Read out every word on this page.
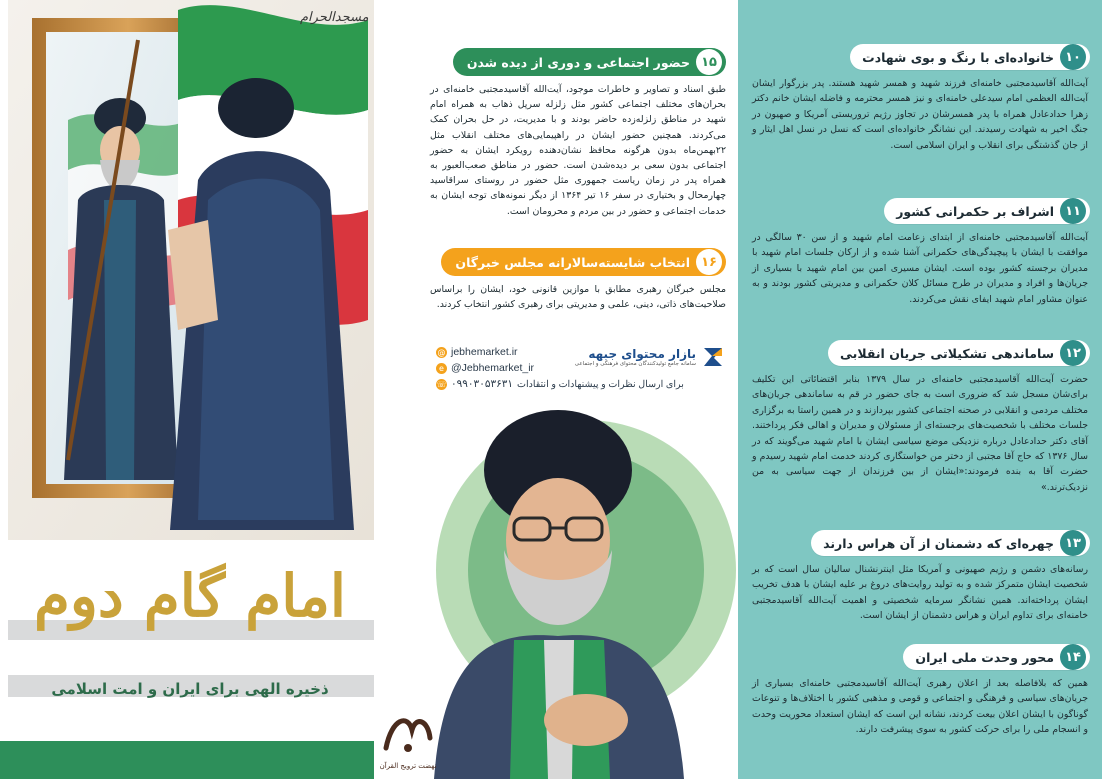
مسجدالحرام
امام گام دوم
ذخیره الهی برای ایران و امت اسلامی
نهضت ترویج القرآن
۱۵
حضور اجتماعی و دوری از دیده شدن
طبق اسناد و تصاویر و خاطرات موجود، آیت‌الله آقاسیدمجتبی خامنه‌ای در بحران‌های مختلف اجتماعی کشور مثل زلزله سرپل ذهاب به همراه امام شهید در مناطق زلزله‌زده حاضر بودند و با مدیریت، در حل بحران کمک می‌کردند. همچنین حضور ایشان در راهپیمایی‌های مختلف انقلاب مثل ۲۲بهمن‌ماه بدون هرگونه محافظ نشان‌دهنده رویکرد ایشان به حضور اجتماعی بدون سعی بر دیده‌شدن است. حضور در مناطق صعب‌العبور به همراه پدر در زمان ریاست جمهوری مثل حضور در روستای سراقاسید چهارمحال و بختیاری در سفر ۱۶ تیر ۱۳۶۴ از دیگر نمونه‌های توجه ایشان به خدمات اجتماعی و حضور در بین مردم و محرومان است.
۱۶
انتخاب شایسته‌سالارانه مجلس خبرگان
مجلس خبرگان رهبری مطابق با موازین قانونی خود، ایشان را براساس صلاحیت‌های ذاتی، دینی، علمی و مدیریتی برای رهبری کشور انتخاب کردند.
بازار محتوای جبهه
سامانه جامع تولیدکنندگان محتوای فرهنگی و اجتماعی
@ jebhemarket.ir
e @Jebhemarket_ir
☏ ۰۹۹۰۳۰۵۳۶۳۱ برای ارسال نظرات و پیشنهادات و انتقادات
۱۰
خانواده‌ای با رنگ و بوی شهادت
آیت‌الله آقاسیدمجتبی خامنه‌ای فرزند شهید و همسر شهید هستند. پدر بزرگوار ایشان آیت‌الله العظمی امام سیدعلی خامنه‌ای و نیز همسر محترمه و فاضله ایشان خانم دکتر زهرا حدادعادل همراه با پدر همسرشان در تجاوز رژیم تروریستی آمریکا و صهیون در جنگ اخیر به شهادت رسیدند. این نشانگر خانواده‌ای است که نسل در نسل اهل ایثار و از جان گذشتگی برای انقلاب و ایران اسلامی است.
۱۱
اشراف بر حکمرانی کشور
آیت‌الله آقاسیدمجتبی خامنه‌ای از ابتدای زعامت امام شهید و از سن ۳۰ سالگی در موافقت با ایشان با پیچیدگی‌های حکمرانی آشنا شده و از ارکان جلسات امام شهید با مدیران برجسته کشور بوده است. ایشان مسیری امین بین امام شهید با بسیاری از جریان‌ها و افراد و مدیران در طرح مسائل کلان حکمرانی و مدیریتی کشور بودند و به عنوان مشاور امام شهید ایفای نقش می‌کردند.
۱۲
ساماندهی تشکیلاتی جریان انقلابی
حضرت آیت‌الله آقاسیدمجتبی خامنه‌ای در سال ۱۳۷۹ بنابر اقتضائاتی این تکلیف برای‌شان مسجل شد که ضروری است به جای حضور در قم به ساماندهی جریان‌های مختلف مردمی و انقلابی در صحنه اجتماعی کشور بپردازند و در همین راستا به برگزاری جلسات مختلف با شخصیت‌های برجسته‌ای از مسئولان و مدیران و اهالی فکر پرداختند. آقای دکتر حدادعادل درباره نزدیکی موضع سیاسی ایشان با امام شهید می‌گویند که در سال ۱۳۷۶ که حاج آقا مجتبی از دختر من خواستگاری کردند خدمت امام شهید رسیدم و حضرت آقا به بنده فرمودند:«ایشان از بین فرزندان از جهت سیاسی به من نزدیک‌ترند.»
۱۳
چهره‌ای که دشمنان از آن هراس دارند
رسانه‌های دشمن و رژیم صهیونی و آمریکا مثل اینترنشنال سالیان سال است که بر شخصیت ایشان متمرکز شده و به تولید روایت‌های دروغ بر علیه ایشان با هدف تخریب ایشان پرداخته‌اند. همین نشانگر سرمایه شخصیتی و اهمیت آیت‌الله آقاسیدمجتبی خامنه‌ای برای تداوم ایران و هراس دشمنان از ایشان است.
۱۴
محور وحدت ملی ایران
همین که بلافاصله بعد از اعلان رهبری آیت‌الله آقاسیدمجتبی خامنه‌ای بسیاری از جریان‌های سیاسی و فرهنگی و اجتماعی و قومی و مذهبی کشور با اختلاف‌ها و تنوعات گوناگون با ایشان اعلان بیعت کردند، نشانه این است که ایشان استعداد محوریت وحدت و انسجام ملی را برای حرکت کشور به سوی پیشرفت دارند.
